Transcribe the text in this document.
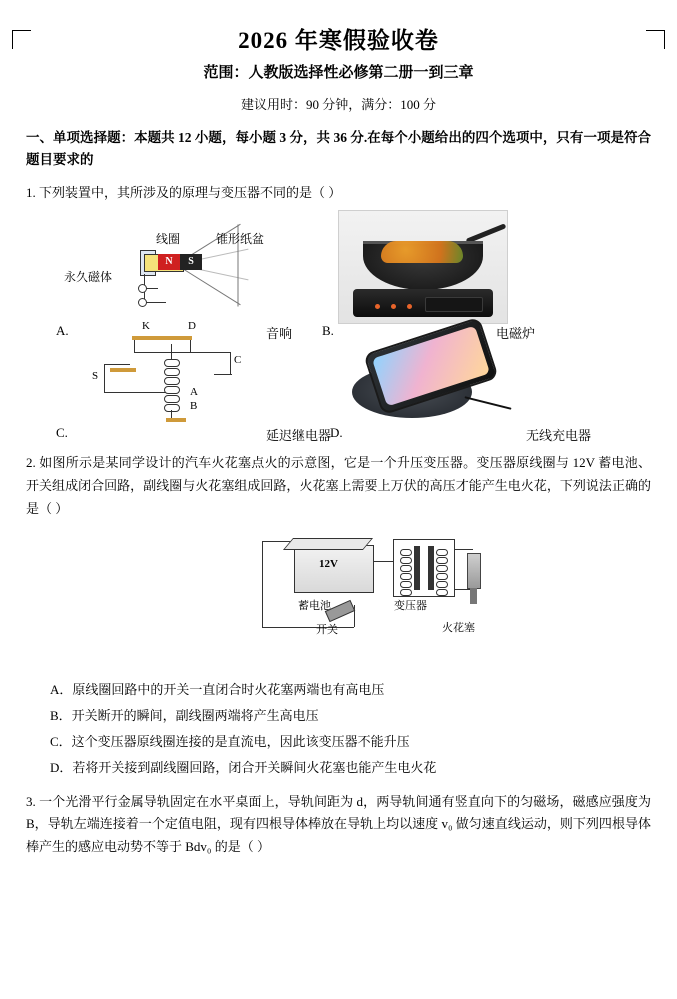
2026 年寒假验收卷
范围：人教版选择性必修第二册一到三章
建议用时：90 分钟，满分：100 分
一、单项选择题：本题共 12 小题，每小题 3 分，共 36 分.在每个小题给出的四个选项中，只有一项是符合题目要求的
1. 下列装置中，其所涉及的原理与变压器不同的是（ ）
N	S
线圈	锥形纸盆
永久磁体
A.	音响 B.	电磁炉
K	D
C
S
A
B
C.	延迟继电器
D.	无线充电器
2. 如图所示是某同学设计的汽车火花塞点火的示意图，它是一个升压变压器。变压器原线圈与 12V 蓄电池、开关组成闭合回路，副线圈与火花塞组成回路，火花塞上需要上万伏的高压才能产生电火花，下列说法正确的是（ ）
12V
蓄电池	变压器
开关	火花塞
A．原线圈回路中的开关一直闭合时火花塞两端也有高电压
B．开关断开的瞬间，副线圈两端将产生高电压
C．这个变压器原线圈连接的是直流电，因此该变压器不能升压
D．若将开关接到副线圈回路，闭合开关瞬间火花塞也能产生电火花
3. 一个光滑平行金属导轨固定在水平桌面上，导轨间距为 d，两导轨间通有竖直向下的匀磁场，磁感应强度为 B，导轨左端连接着一个定值电阻，现有四根导体棒放在导轨上均以速度 v₀ 做匀速直线运动，则下列四根导体棒产生的感应电动势不等于 Bdv₀ 的是（ ）
